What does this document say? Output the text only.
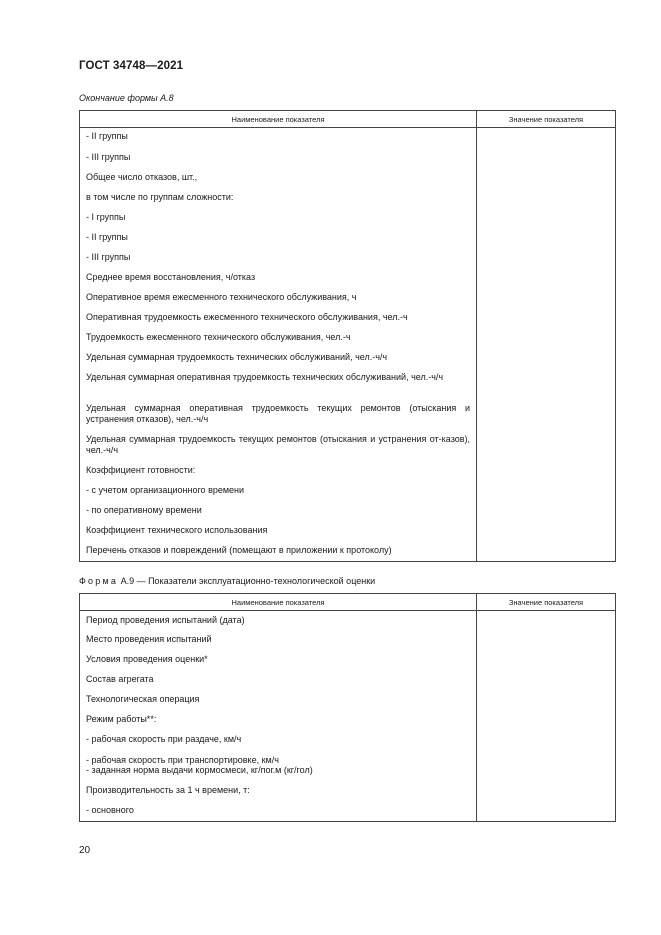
ГОСТ 34748—2021
Окончание формы А.8
Наименование показателя	Значение показателя

- II группы	

- III группы	

Общее число отказов, шт.,	

в том числе по группам сложности:	

- I группы	

- II группы	

- III группы	

Среднее время восстановления, ч/отказ	

Оперативное время ежесменного технического обслуживания, ч	

Оперативная трудоемкость ежесменного технического обслуживания, чел.-ч	

Трудоемкость ежесменного технического обслуживания, чел.-ч	

Удельная суммарная трудоемкость технических обслуживаний, чел.-ч/ч	

Удельная суммарная оперативная трудоемкость технических обслуживаний, чел.-ч/ч	

Удельная суммарная оперативная трудоемкость текущих ремонтов (отыскания и устранения отказов), чел.-ч/ч	

Удельная суммарная трудоемкость текущих ремонтов (отыскания и устранения от-казов), чел.-ч/ч	

Коэффициент готовности:	

- с учетом организационного времени	

- по оперативному времени	

Коэффициент технического использования	

Перечень отказов и повреждений (помещают в приложении к протоколу)	
Форма А.9 — Показатели эксплуатационно-технологической оценки
Наименование показателя	Значение показателя

Период проведения испытаний (дата)	

Место проведения испытаний	

Условия проведения оценки*	

Состав агрегата	

Технологическая операция	

Режим работы**:	

- рабочая скорость при раздаче, км/ч	

- рабочая скорость при транспортировке, км/ч
- заданная норма выдачи кормосмеси, кг/пог.м (кг/гол)	

Производительность за 1 ч времени, т:	

- основного	
20
